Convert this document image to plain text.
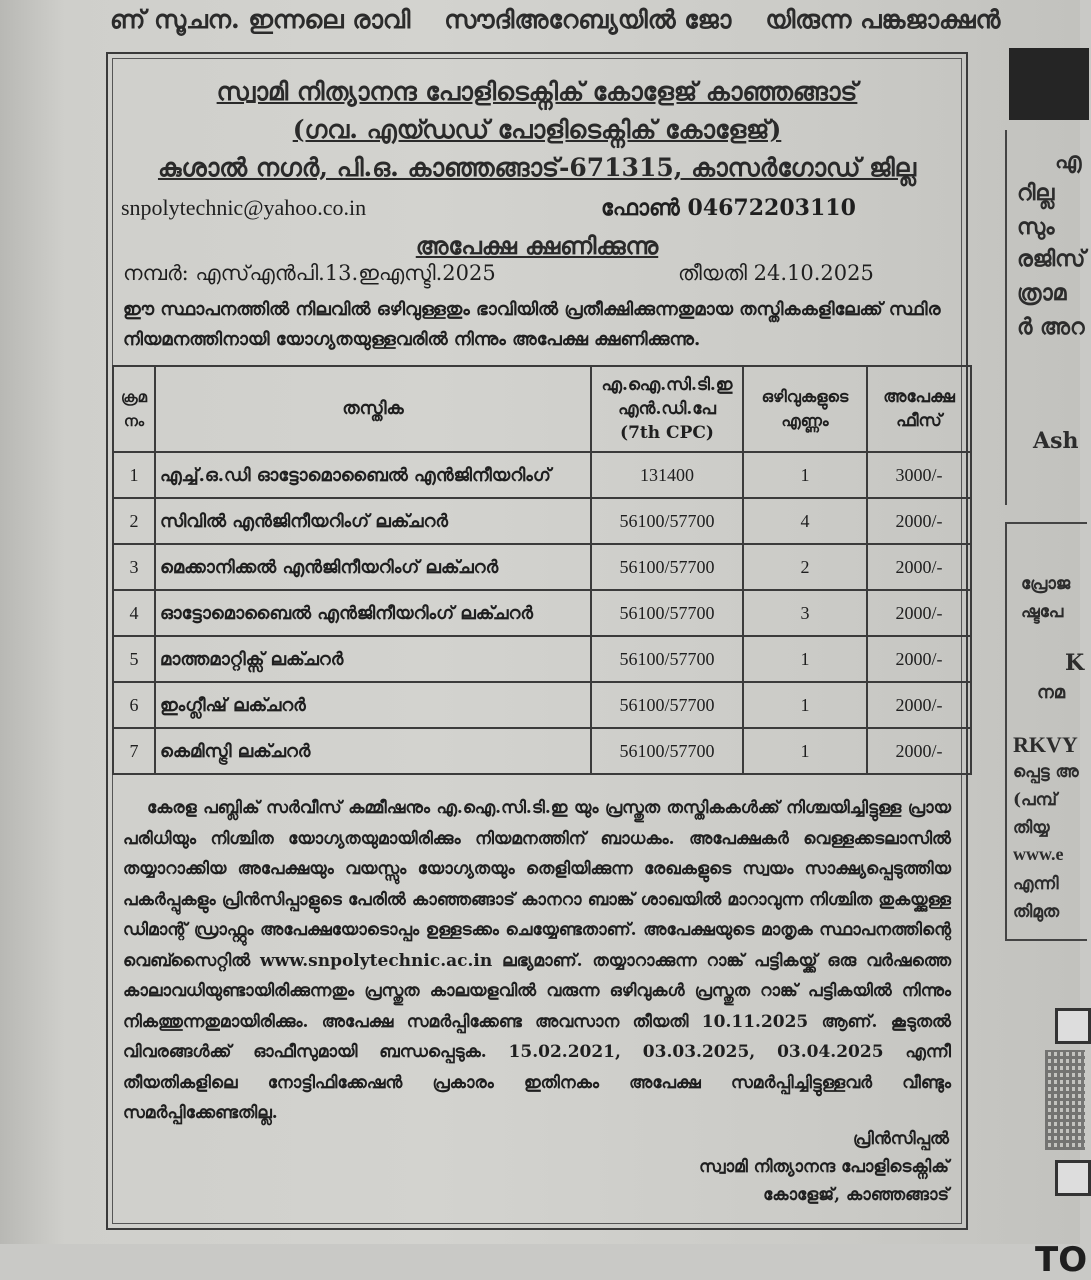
ണ് സൂചന. ഇന്നലെ രാവി സൗദിഅറേബ്യയിൽ ജോ യിരുന്ന പങ്കജാക്ഷൻ
സ്വാമി നിത്യാനന്ദ പോളിടെക്നിക് കോളേജ് കാഞ്ഞങ്ങാട്
(ഗവ. എയ്ഡഡ് പോളിടെക്നിക് കോളേജ്)
കുശാൽ നഗർ, പി.ഒ. കാഞ്ഞങ്ങാട്-671315, കാസർഗോഡ് ജില്ല
snpolytechnic@yahoo.co.in	ഫോൺ 04672203110
അപേക്ഷ ക്ഷണിക്കുന്നു
നമ്പർ: എസ്എൻപി.13.ഇഎസ്ടി.2025	തീയതി 24.10.2025
ഈ സ്ഥാപനത്തിൽ നിലവിൽ ഒഴിവുള്ളതും ഭാവിയിൽ പ്രതീക്ഷിക്കുന്നതുമായ തസ്തികകളിലേക്ക് സ്ഥിര നിയമനത്തിനായി യോഗ്യതയുള്ളവരിൽ നിന്നും അപേക്ഷ ക്ഷണിക്കുന്നു.
ക്രമ നം	തസ്തിക	എ.ഐ.സി.ടി.ഇ എൻ.ഡി.പേ (7th CPC)	ഒഴിവുകളുടെ എണ്ണം	അപേക്ഷ ഫീസ്
1	എച്ച്.ഒ.ഡി ഓട്ടോമൊബൈൽ എൻജിനീയറിംഗ്	131400	1	3000/-
2	സിവിൽ എൻജിനീയറിംഗ് ലക്ചറർ	56100/57700	4	2000/-
3	മെക്കാനിക്കൽ എൻജിനീയറിംഗ് ലക്ചറർ	56100/57700	2	2000/-
4	ഓട്ടോമൊബൈൽ എൻജിനീയറിംഗ് ലക്ചറർ	56100/57700	3	2000/-
5	മാത്തമാറ്റിക്സ് ലക്ചറർ	56100/57700	1	2000/-
6	ഇംഗ്ലീഷ് ലക്ചറർ	56100/57700	1	2000/-
7	കെമിസ്ട്രി ലക്ചറർ	56100/57700	1	2000/-
കേരള പബ്ലിക് സർവീസ് കമ്മീഷനും എ.ഐ.സി.ടി.ഇ യും പ്രസ്തുത തസ്തികകൾക്ക് നിശ്ചയിച്ചിട്ടുള്ള പ്രായ പരിധിയും നിശ്ചിത യോഗ്യതയുമായിരിക്കും നിയമനത്തിന് ബാധകം. അപേക്ഷകർ വെള്ളക്കടലാസിൽ തയ്യാറാക്കിയ അപേക്ഷയും വയസ്സും യോഗ്യതയും തെളിയിക്കുന്ന രേഖകളുടെ സ്വയം സാക്ഷ്യപ്പെടുത്തിയ പകർപ്പുകളും പ്രിൻസിപ്പാളുടെ പേരിൽ കാഞ്ഞങ്ങാട് കാനറാ ബാങ്ക് ശാഖയിൽ മാറാവുന്ന നിശ്ചിത തുകയ്ക്കുള്ള ഡിമാന്റ് ഡ്രാഫ്റ്റും അപേക്ഷയോടൊപ്പം ഉള്ളടക്കം ചെയ്യേണ്ടതാണ്. അപേക്ഷയുടെ മാതൃക സ്ഥാപനത്തിന്റെ വെബ്സൈറ്റിൽ www.snpolytechnic.ac.in ലഭ്യമാണ്. തയ്യാറാക്കുന്ന റാങ്ക് പട്ടികയ്ക്ക് ഒരു വർഷത്തെ കാലാവധിയുണ്ടായിരിക്കുന്നതും പ്രസ്തുത കാലയളവിൽ വരുന്ന ഒഴിവുകൾ പ്രസ്തുത റാങ്ക് പട്ടികയിൽ നിന്നും നികത്തുന്നതുമായിരിക്കും. അപേക്ഷ സമർപ്പിക്കേണ്ട അവസാന തീയതി 10.11.2025 ആണ്. കൂടുതൽ വിവരങ്ങൾക്ക് ഓഫീസുമായി ബന്ധപ്പെടുക. 15.02.2021, 03.03.2025, 03.04.2025 എന്നീ തീയതികളിലെ നോട്ടിഫിക്കേഷൻ പ്രകാരം ഇതിനകം അപേക്ഷ സമർപ്പിച്ചിട്ടുള്ളവർ വീണ്ടും സമർപ്പിക്കേണ്ടതില്ല.
പ്രിൻസിപ്പൽ
സ്വാമി നിത്യാനന്ദ പോളിടെക്നിക്
കോളേജ്, കാഞ്ഞങ്ങാട്
എ
റില്ല
സും
രജിസ്
ത്രാമ
ർ അറ
Ash
പ്രോജ
ഷ്ടപേ
K
നമ
RKVY
പ്പെട്ട അ
(പമ്പ്
തിയ്യ
www.e
എന്നി
തിമുത
TO
